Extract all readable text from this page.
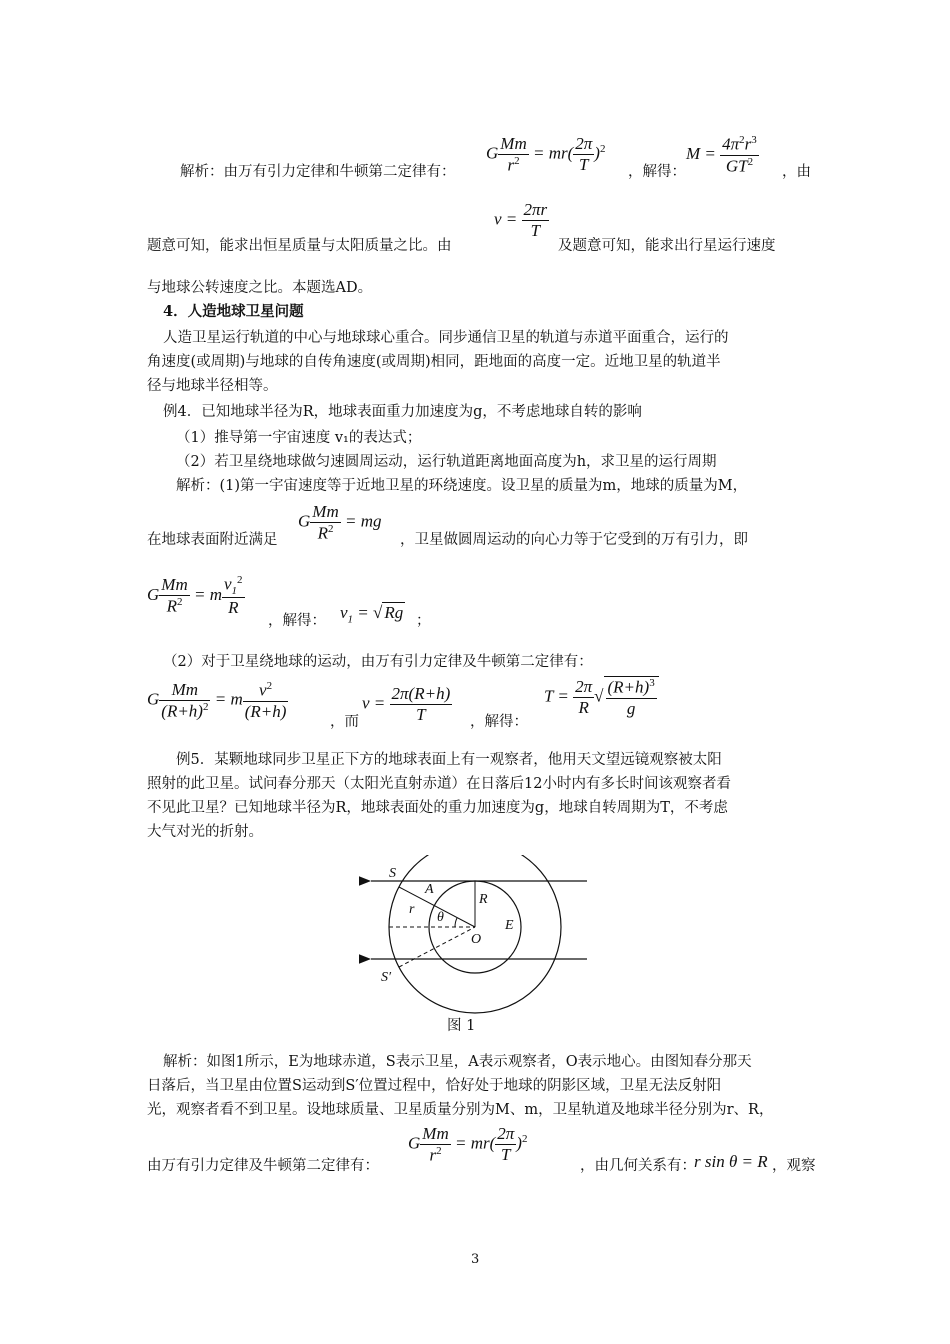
G $\frac{Mm}{r^2} = mr( \frac{2\pi}{T} )^2$
解析：由万有引力定律和牛顿第二定律有：	，解得：
$M = \frac{4\pi^2r^3}{GT^2}$ ，由
$v = \frac{2\pi r}{T}$
题意可知，能求出恒星质量与太阳质量之比。由	及题意可知，能求出行星运行速度
与地球公转速度之比。本题选AD。
4．人造地球卫星问题
人造卫星运行轨道的中心与地球球心重合。同步通信卫星的轨道与赤道平面重合，运行的
角速度(或周期)与地球的自传角速度(或周期)相同，距地面的高度一定。近地卫星的轨道半
径与地球半径相等。
例4．已知地球半径为R，地球表面重力加速度为g，不考虑地球自转的影响
（1）推导第一宇宙速度 v₁的表达式；
（2）若卫星绕地球做匀速圆周运动，运行轨道距离地面高度为h，求卫星的运行周期
解析：(1)第一宇宙速度等于近地卫星的环绕速度。设卫星的质量为m，地球的质量为M，
G $\frac{Mm}{R^2}$ = mg
在地球表面附近满足	，卫星做圆周运动的向心力等于它受到的万有引力，即
G $\frac{Mm}{R^2} = m \frac{v_1^2}{R}$
，解得： $v_1$ = √ Rg ；
（2）对于卫星绕地球的运动，由万有引力定律及牛顿第二定律有：
G $\frac{Mm}{(R+h)^2} = m \frac{v^2}{(R+h)}$
，而
$v = \frac{2\pi(R+h)}{T}$ ，解得：
$T = \frac{2\pi}{R}$ √ $\frac{(R+h)^3}{g}$
例5．某颗地球同步卫星正下方的地球表面上有一观察者，他用天文望远镜观察被太阳
照射的此卫星。试问春分那天（太阳光直射赤道）在日落后12小时内有多长时间该观察者看
不见此卫星？已知地球半径为R，地球表面处的重力加速度为g，地球自转周期为T，不考虑
大气对光的折射。
S
A
r
θ
R
O
E
S′
图 1
解析：如图1所示，E为地球赤道，S表示卫星，A表示观察者，O表示地心。由图知春分那天
日落后，当卫星由位置S运动到S′位置过程中，恰好处于地球的阴影区域，卫星无法反射阳
光，观察者看不到卫星。设地球质量、卫星质量分别为M、m，卫星轨道及地球半径分别为r、R，
G $\frac{Mm}{r^2} = mr( \frac{2\pi}{T} )^2$
由万有引力定律及牛顿第二定律有：	，由几何关系有：
r sin θ = R ，观察
3
